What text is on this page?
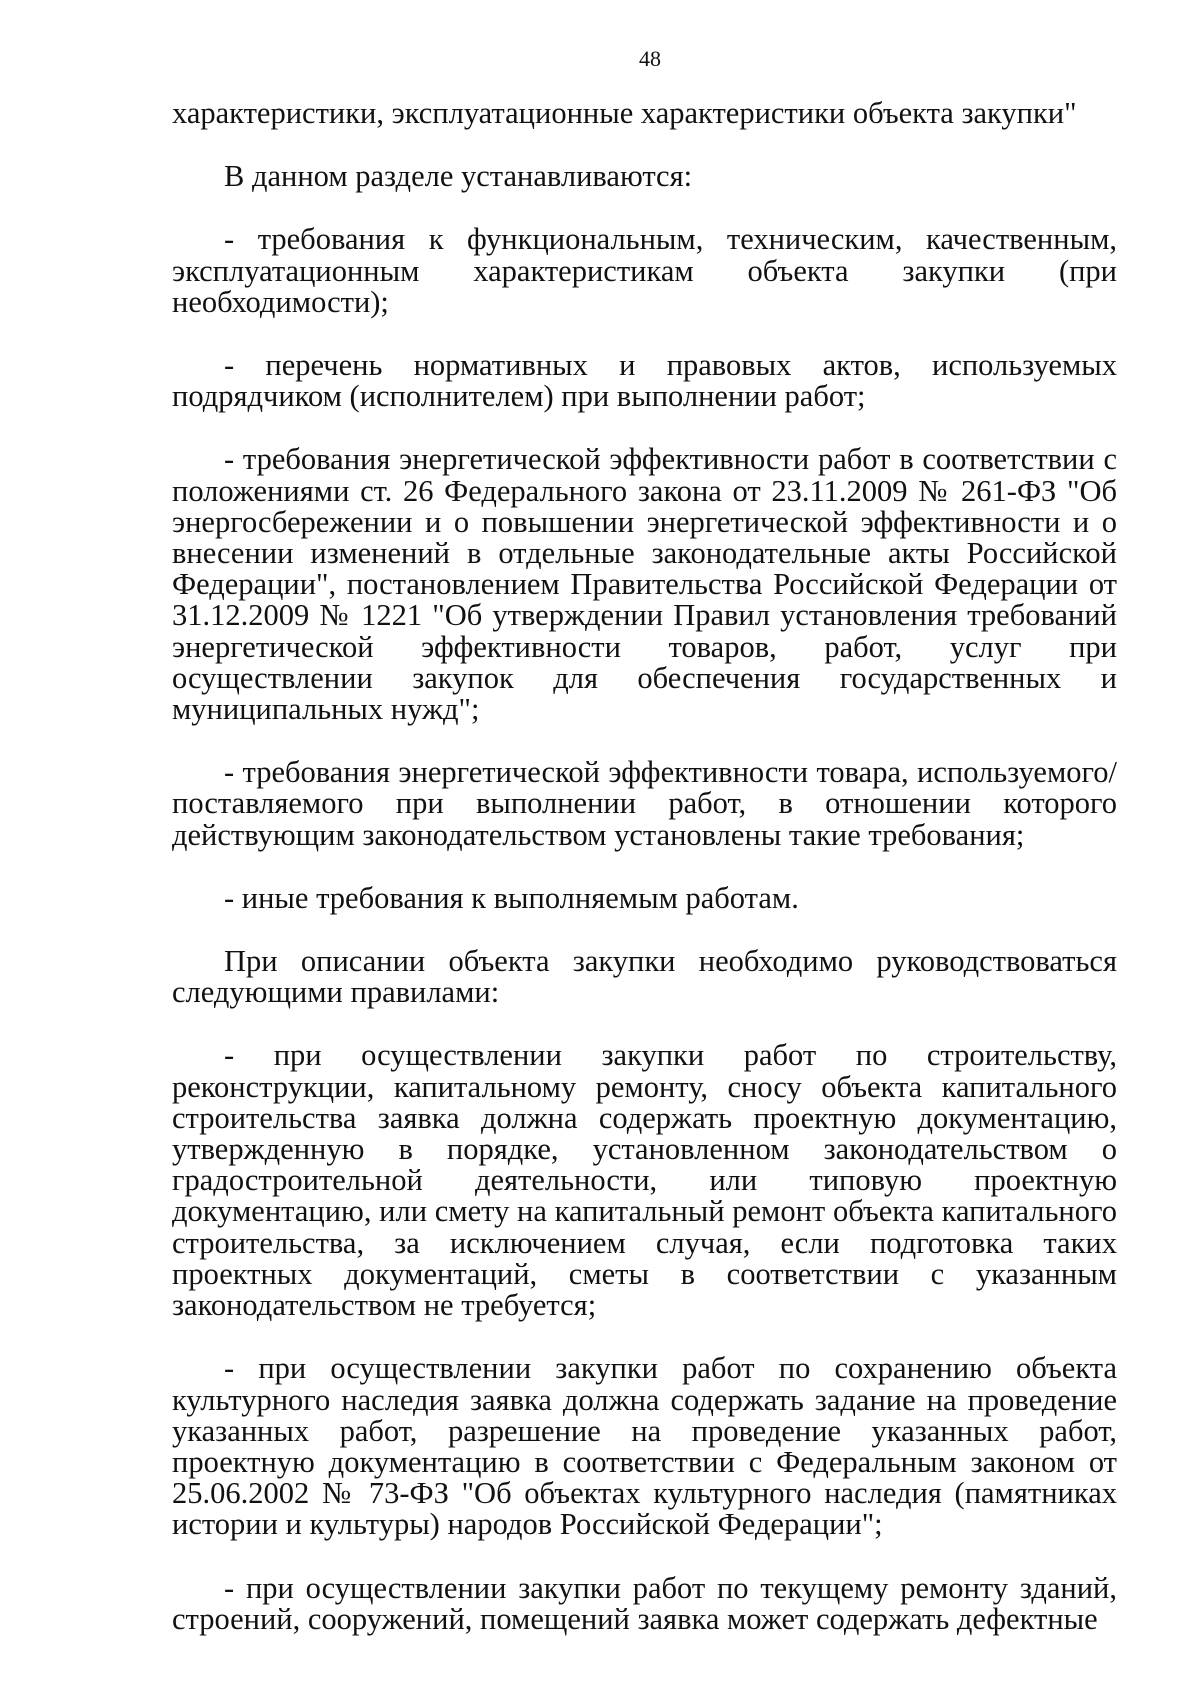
48

характеристики, эксплуатационные характеристики объекта закупки"

В данном разделе устанавливаются:

- требования к функциональным, техническим, качественным, эксплуатационным характеристикам объекта закупки (при необходимости);

- перечень нормативных и правовых актов, используемых подрядчиком (исполнителем) при выполнении работ;

- требования энергетической эффективности работ в соответствии с положениями ст. 26 Федерального закона от 23.11.2009 № 261-ФЗ "Об энергосбережении и о повышении энергетической эффективности и о внесении изменений в отдельные законодательные акты Российской Федерации", постановлением Правительства Российской Федерации от 31.12.2009 № 1221 "Об утверждении Правил установления требований энергетической эффективности товаров, работ, услуг при осуществлении закупок для обеспечения государственных и муниципальных нужд";

- требования энергетической эффективности товара, используемого/поставляемого при выполнении работ, в отношении которого действующим законодательством установлены такие требования;

- иные требования к выполняемым работам.

При описании объекта закупки необходимо руководствоваться следующими правилами:

- при осуществлении закупки работ по строительству, реконструкции, капитальному ремонту, сносу объекта капитального строительства заявка должна содержать проектную документацию, утвержденную в порядке, установленном законодательством о градостроительной деятельности, или типовую проектную документацию, или смету на капитальный ремонт объекта капитального строительства, за исключением случая, если подготовка таких проектных документаций, сметы в соответствии с указанным законодательством не требуется;

- при осуществлении закупки работ по сохранению объекта культурного наследия заявка должна содержать задание на проведение указанных работ, разрешение на проведение указанных работ, проектную документацию в соответствии с Федеральным законом от 25.06.2002 № 73-ФЗ "Об объектах культурного наследия (памятниках истории и культуры) народов Российской Федерации";

- при осуществлении закупки работ по текущему ремонту зданий, строений, сооружений, помещений заявка может содержать дефектные
